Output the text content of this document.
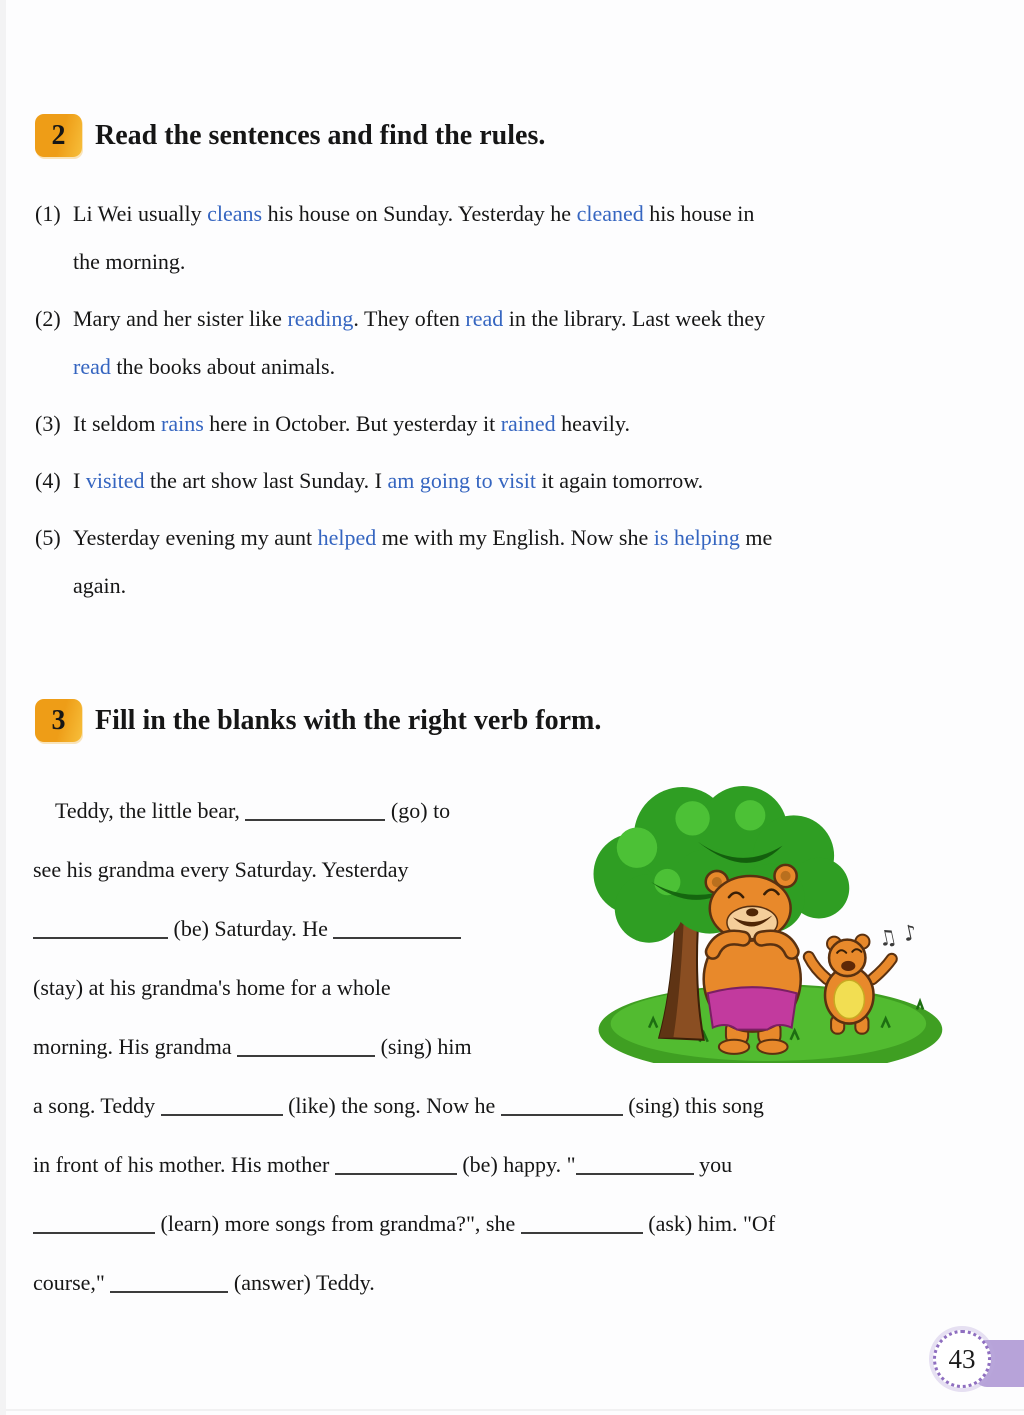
2	Read the sentences and find the rules.
(1) Li Wei usually cleans his house on Sunday. Yesterday he cleaned his house in
the morning.
(2) Mary and her sister like reading. They often read in the library. Last week they
read the books about animals.
(3) It seldom rains here in October. But yesterday it rained heavily.
(4) I visited the art show last Sunday. I am going to visit it again tomorrow.
(5) Yesterday evening my aunt helped me with my English. Now she is helping me
again.
3	Fill in the blanks with the right verb form.
Teddy, the little bear,	(go) to
see his grandma every Saturday. Yesterday
(be) Saturday. He
(stay) at his grandma's home for a whole
morning. His grandma	(sing) him
♫ ♪
a song. Teddy	(like) the song. Now he	(sing) this song
in front of his mother. His mother	(be) happy. "	you
(learn) more songs from grandma?", she	(ask) him. "Of
course,"	(answer) Teddy.
43
